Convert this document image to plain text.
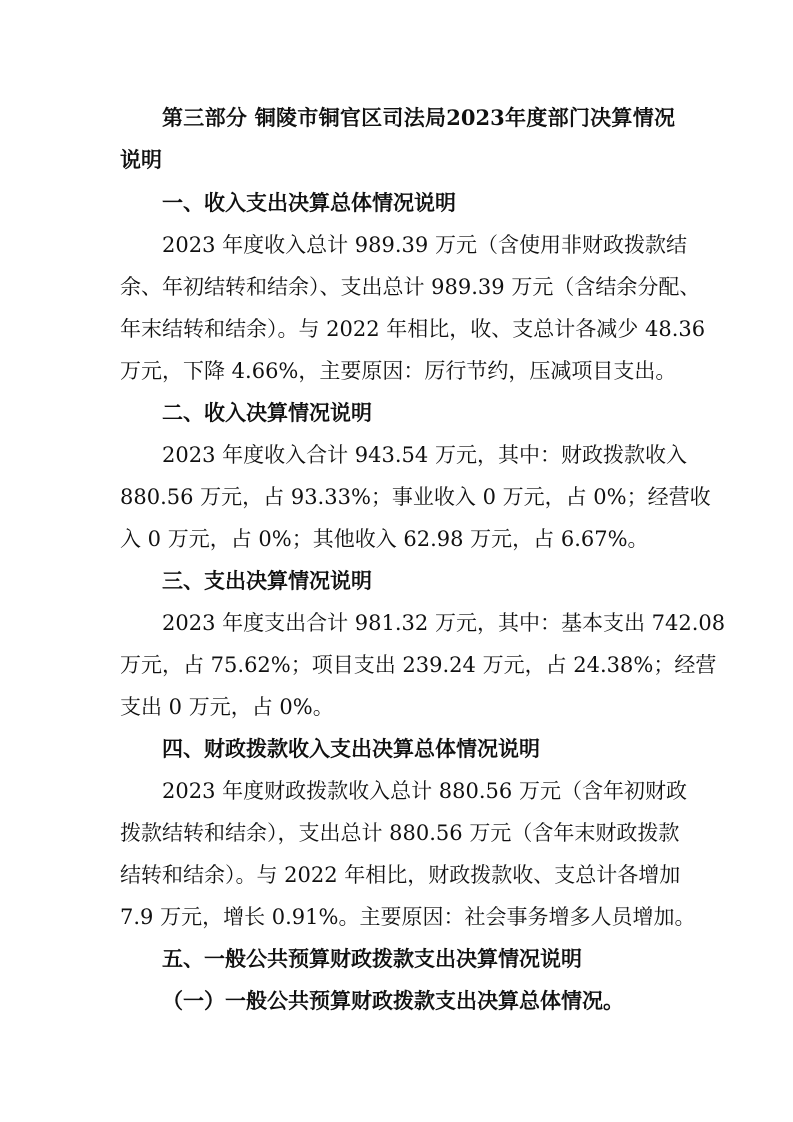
第三部分 铜陵市铜官区司法局2023年度部门决算情况
说明
一、收入支出决算总体情况说明
2023 年度收入总计 989.39 万元（含使用非财政拨款结
余、年初结转和结余）、支出总计 989.39 万元（含结余分配、
年末结转和结余）。与 2022 年相比，收、支总计各减少 48.36
万元，下降 4.66%，主要原因：厉行节约，压减项目支出。
二、收入决算情况说明
2023 年度收入合计 943.54 万元，其中：财政拨款收入
880.56 万元，占 93.33%；事业收入 0 万元，占 0%；经营收
入 0 万元，占 0%；其他收入 62.98 万元，占 6.67%。
三、支出决算情况说明
2023 年度支出合计 981.32 万元，其中：基本支出 742.08
万元，占 75.62%；项目支出 239.24 万元，占 24.38%；经营
支出 0 万元，占 0%。
四、财政拨款收入支出决算总体情况说明
2023 年度财政拨款收入总计 880.56 万元（含年初财政
拨款结转和结余），支出总计 880.56 万元（含年末财政拨款
结转和结余）。与 2022 年相比，财政拨款收、支总计各增加
7.9 万元，增长 0.91%。主要原因：社会事务增多人员增加。
五、一般公共预算财政拨款支出决算情况说明
（一）一般公共预算财政拨款支出决算总体情况。
